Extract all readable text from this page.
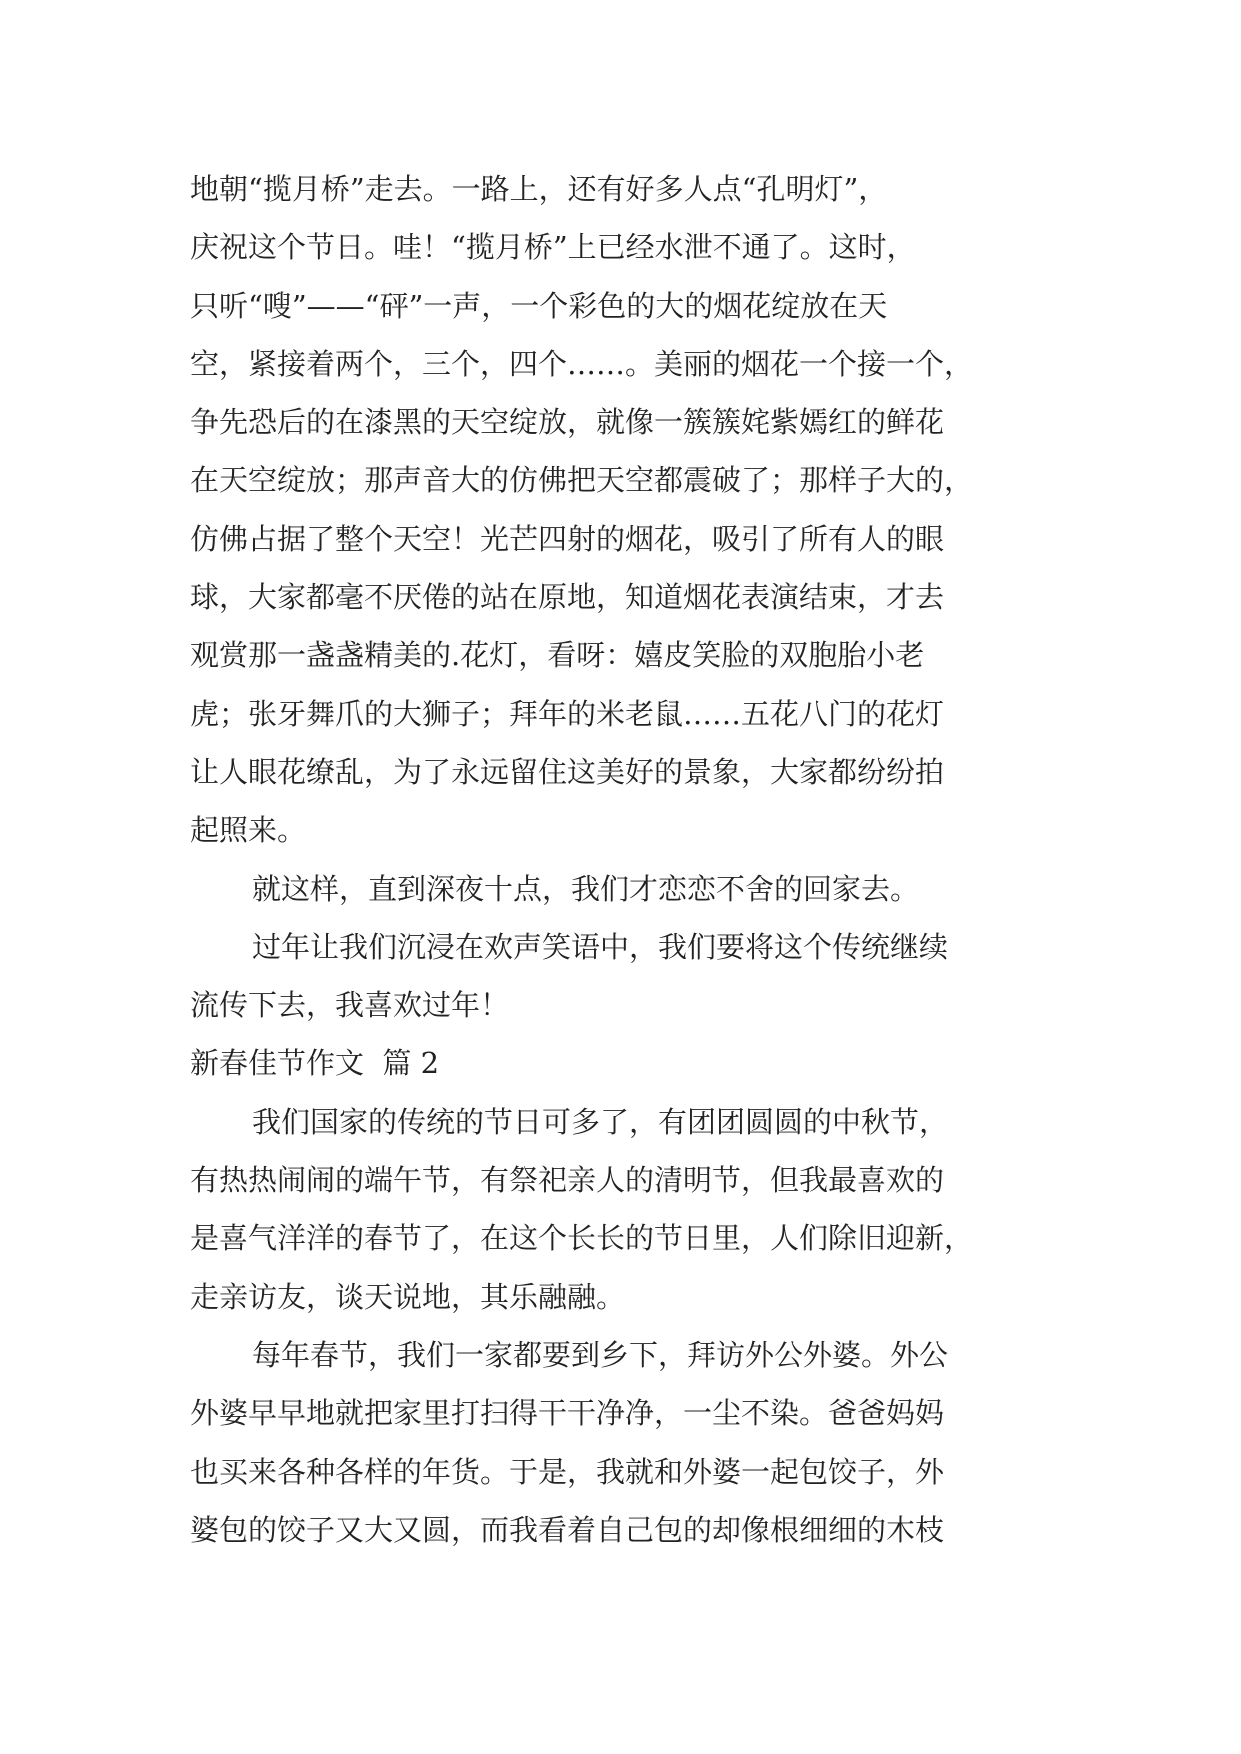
地朝“揽月桥”走去。一路上，还有好多人点“孔明灯”，
庆祝这个节日。哇！“揽月桥”上已经水泄不通了。这时，
只听“嗖”——“砰”一声，一个彩色的大的烟花绽放在天
空，紧接着两个，三个，四个……。美丽的烟花一个接一个，
争先恐后的在漆黑的天空绽放，就像一簇簇姹紫嫣红的鲜花
在天空绽放；那声音大的仿佛把天空都震破了；那样子大的，
仿佛占据了整个天空！光芒四射的烟花，吸引了所有人的眼
球，大家都毫不厌倦的站在原地，知道烟花表演结束，才去
观赏那一盏盏精美的.花灯，看呀：嬉皮笑脸的双胞胎小老
虎；张牙舞爪的大狮子；拜年的米老鼠……五花八门的花灯
让人眼花缭乱，为了永远留住这美好的景象，大家都纷纷拍
起照来。
就这样，直到深夜十点，我们才恋恋不舍的回家去。
过年让我们沉浸在欢声笑语中，我们要将这个传统继续
流传下去，我喜欢过年！
新春佳节作文  篇 2
我们国家的传统的节日可多了，有团团圆圆的中秋节，
有热热闹闹的端午节，有祭祀亲人的清明节，但我最喜欢的
是喜气洋洋的春节了，在这个长长的节日里，人们除旧迎新，
走亲访友，谈天说地，其乐融融。
每年春节，我们一家都要到乡下，拜访外公外婆。外公
外婆早早地就把家里打扫得干干净净，一尘不染。爸爸妈妈
也买来各种各样的年货。于是，我就和外婆一起包饺子，外
婆包的饺子又大又圆，而我看着自己包的却像根细细的木枝
